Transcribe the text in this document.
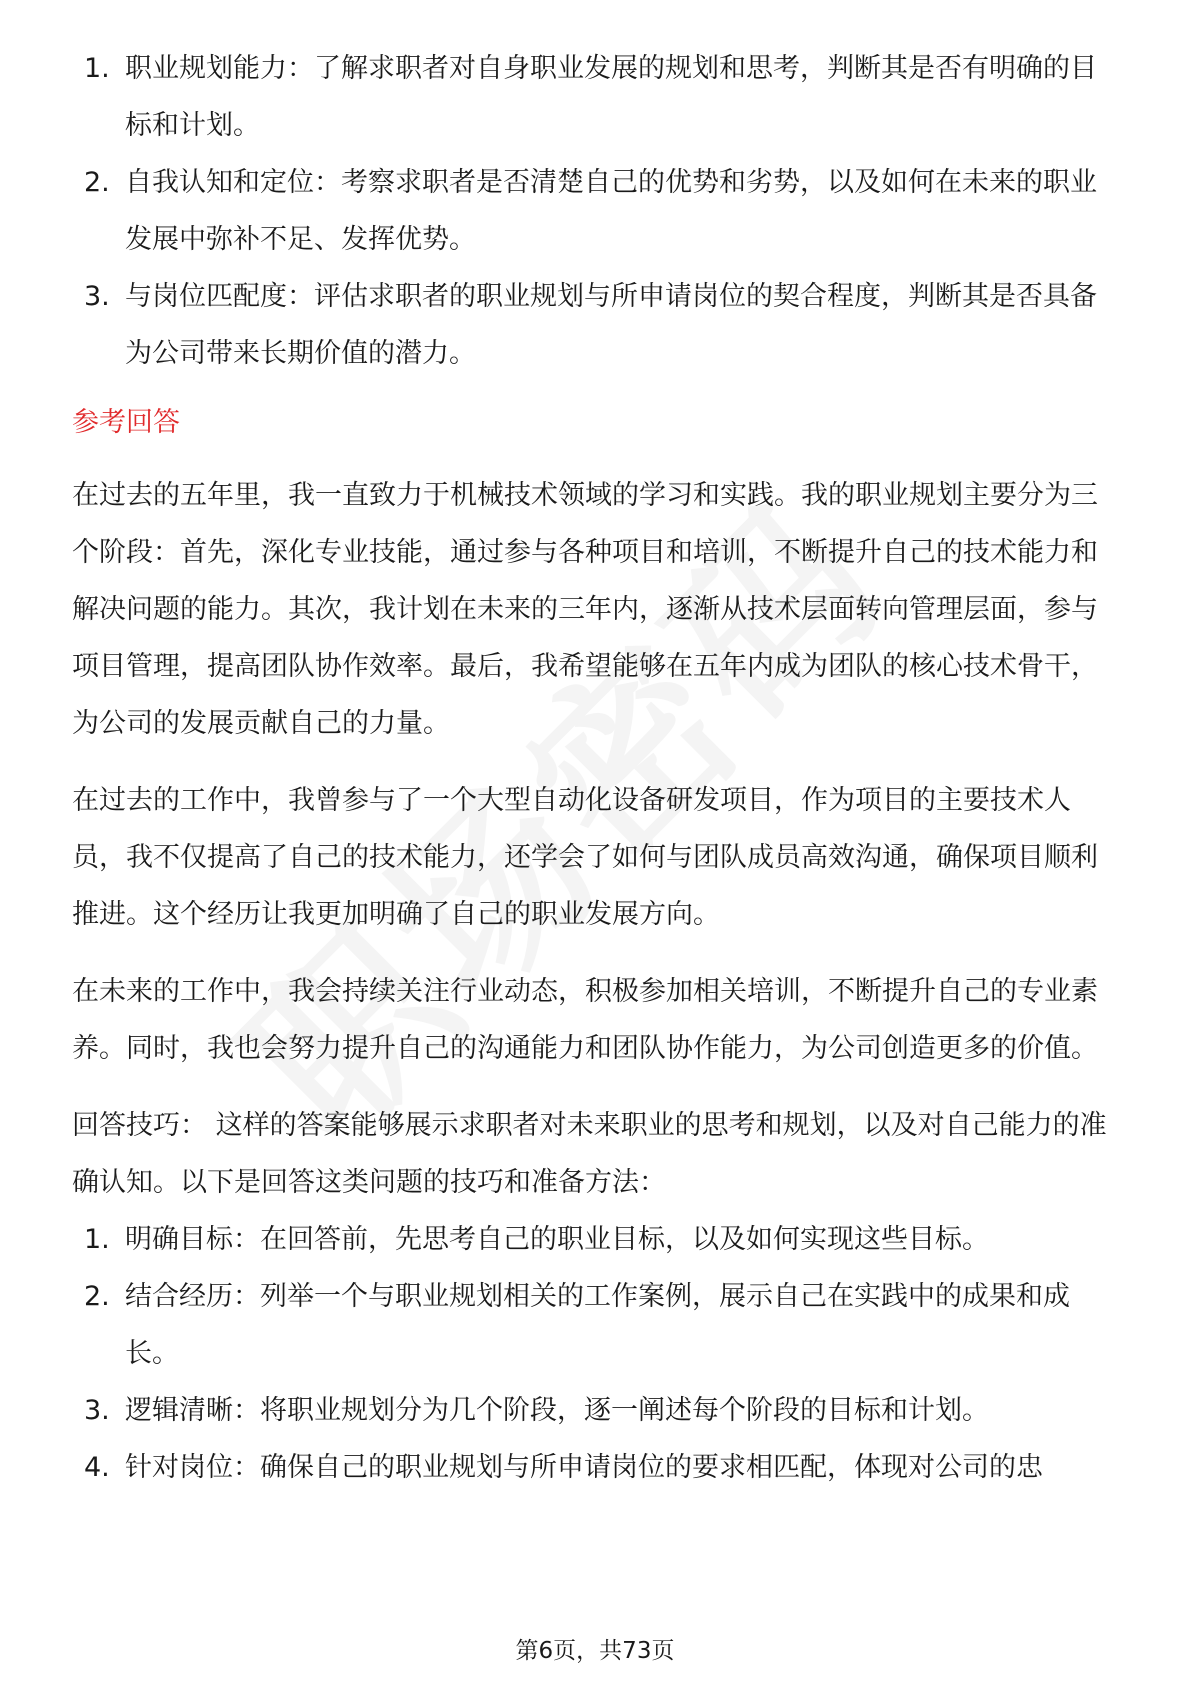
1. 职业规划能力：了解求职者对自身职业发展的规划和思考，判断其是否有明确的目标和计划。
2. 自我认知和定位：考察求职者是否清楚自己的优势和劣势，以及如何在未来的职业发展中弥补不足、发挥优势。
3. 与岗位匹配度：评估求职者的职业规划与所申请岗位的契合程度，判断其是否具备为公司带来长期价值的潜力。
参考回答

在过去的五年里，我一直致力于机械技术领域的学习和实践。我的职业规划主要分为三个阶段：首先，深化专业技能，通过参与各种项目和培训，不断提升自己的技术能力和解决问题的能力。其次，我计划在未来的三年内，逐渐从技术层面转向管理层面，参与项目管理，提高团队协作效率。最后，我希望能够在五年内成为团队的核心技术骨干，为公司的发展贡献自己的力量。

在过去的工作中，我曾参与了一个大型自动化设备研发项目，作为项目的主要技术人员，我不仅提高了自己的技术能力，还学会了如何与团队成员高效沟通，确保项目顺利推进。这个经历让我更加明确了自己的职业发展方向。

在未来的工作中，我会持续关注行业动态，积极参加相关培训，不断提升自己的专业素养。同时，我也会努力提升自己的沟通能力和团队协作能力，为公司创造更多的价值。

回答技巧： 这样的答案能够展示求职者对未来职业的思考和规划，以及对自己能力的准确认知。以下是回答这类问题的技巧和准备方法：

1. 明确目标：在回答前，先思考自己的职业目标，以及如何实现这些目标。
2. 结合经历：列举一个与职业规划相关的工作案例，展示自己在实践中的成果和成长。
3. 逻辑清晰：将职业规划分为几个阶段，逐一阐述每个阶段的目标和计划。
4. 针对岗位：确保自己的职业规划与所申请岗位的要求相匹配，体现对公司的忠
第6页，共73页
